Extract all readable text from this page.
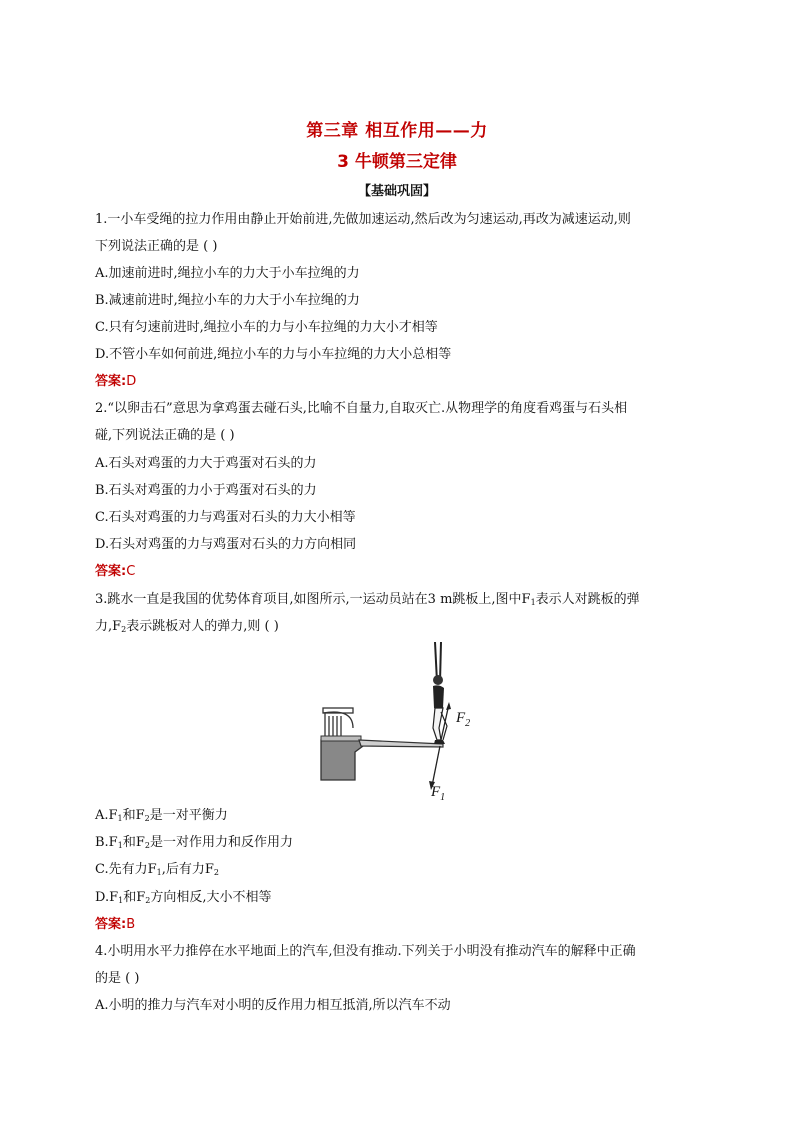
第三章 相互作用——力
3 牛顿第三定律
【基础巩固】
1.一小车受绳的拉力作用由静止开始前进,先做加速运动,然后改为匀速运动,再改为减速运动,则
下列说法正确的是 ( )
A.加速前进时,绳拉小车的力大于小车拉绳的力
B.减速前进时,绳拉小车的力大于小车拉绳的力
C.只有匀速前进时,绳拉小车的力与小车拉绳的力大小才相等
D.不管小车如何前进,绳拉小车的力与小车拉绳的力大小总相等
答案:D
2.“以卵击石”意思为拿鸡蛋去碰石头,比喻不自量力,自取灭亡.从物理学的角度看鸡蛋与石头相
碰,下列说法正确的是 ( )
A.石头对鸡蛋的力大于鸡蛋对石头的力
B.石头对鸡蛋的力小于鸡蛋对石头的力
C.石头对鸡蛋的力与鸡蛋对石头的力大小相等
D.石头对鸡蛋的力与鸡蛋对石头的力方向相同
答案:C
3.跳水一直是我国的优势体育项目,如图所示,一运动员站在3 m跳板上,图中$F_1$表示人对跳板的弹
力$,F_2$表示跳板对人的弹力,则 ( )
$F_2$
$F_1$
$A.F_1$和$F_2$是一对平衡力
$B.F_1$和$F_2$是一对作用力和反作用力
C.先有力$F_1$,后有力$F_2$
$D.F_1$和$F_2$方向相反,大小不相等
答案:B
4.小明用水平力推停在水平地面上的汽车,但没有推动.下列关于小明没有推动汽车的解释中正确
的是 ( )
A.小明的推力与汽车对小明的反作用力相互抵消,所以汽车不动
